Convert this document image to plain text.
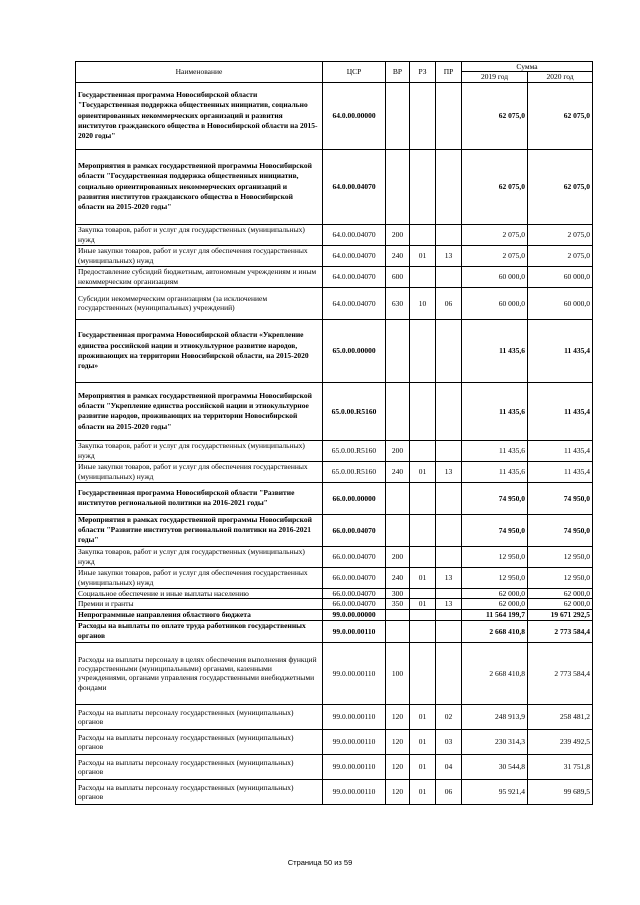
Наименование	ЦСР	ВР	РЗ	ПР	Сумма	
					2019 год	2020 год
Государственная программа Новосибирской области "Государственная поддержка общественных инициатив, социально ориентированных некоммерческих организаций и развития институтов гражданского общества в Новосибирской области на 2015-2020 годы"	64.0.00.00000				62 075,0	62 075,0
Мероприятия в рамках государственной программы Новосибирской области "Государственная поддержка общественных инициатив, социально ориентированных некоммерческих организаций и развития институтов гражданского общества в Новосибирской области на 2015-2020 годы"	64.0.00.04070				62 075,0	62 075,0
Закупка товаров, работ и услуг для государственных (муниципальных) нужд	64.0.00.04070	200			2 075,0	2 075,0
Иные закупки товаров, работ и услуг для обеспечения государственных (муниципальных) нужд	64.0.00.04070	240	01	13	2 075,0	2 075,0
Предоставление субсидий бюджетным, автономным учреждениям и иным некоммерческим организациям	64.0.00.04070	600			60 000,0	60 000,0
Субсидии некоммерческим организациям (за исключением государственных (муниципальных) учреждений)	64.0.00.04070	630	10	06	60 000,0	60 000,0
Государственная программа Новосибирской области «Укрепление единства российской нации и этнокультурное развитие народов, проживающих на территории Новосибирской области, на 2015-2020 годы»	65.0.00.00000				11 435,6	11 435,4
Мероприятия в рамках государственной программы Новосибирской области "Укрепление единства российской нации и этнокультурное развитие народов, проживающих на территории Новосибирской области на 2015-2020 годы"	65.0.00.R5160				11 435,6	11 435,4
Закупка товаров, работ и услуг для государственных (муниципальных) нужд	65.0.00.R5160	200			11 435,6	11 435,4
Иные закупки товаров, работ и услуг для обеспечения государственных (муниципальных) нужд	65.0.00.R5160	240	01	13	11 435,6	11 435,4
Государственная программа Новосибирской области "Развитие институтов региональной политики на 2016-2021 годы"	66.0.00.00000				74 950,0	74 950,0
Мероприятия в рамках государственной программы Новосибирской области "Развитие институтов региональной политики на 2016-2021 годы"	66.0.00.04070				74 950,0	74 950,0
Закупка товаров, работ и услуг для государственных (муниципальных) нужд	66.0.00.04070	200			12 950,0	12 950,0
Иные закупки товаров, работ и услуг для обеспечения государственных (муниципальных) нужд	66.0.00.04070	240	01	13	12 950,0	12 950,0
Социальное обеспечение и иные выплаты населению	66.0.00.04070	300			62 000,0	62 000,0
Премии и гранты	66.0.00.04070	350	01	13	62 000,0	62 000,0
Непрограммные направления областного бюджета	99.0.00.00000				11 564 199,7	19 671 292,5
Расходы на выплаты по оплате труда работников государственных органов	99.0.00.00110				2 668 410,8	2 773 584,4
Расходы на выплаты персоналу в целях обеспечения выполнения функций государственными (муниципальными) органами, казенными учреждениями, органами управления государственными внебюджетными фондами	99.0.00.00110	100			2 668 410,8	2 773 584,4
Расходы на выплаты персоналу государственных (муниципальных) органов	99.0.00.00110	120	01	02	248 913,9	258 481,2
Расходы на выплаты персоналу государственных (муниципальных) органов	99.0.00.00110	120	01	03	230 314,3	239 492,5
Расходы на выплаты персоналу государственных (муниципальных) органов	99.0.00.00110	120	01	04	30 544,8	31 751,8
Расходы на выплаты персоналу государственных (муниципальных) органов	99.0.00.00110	120	01	06	95 921,4	99 689,5
Страница 50 из 59
